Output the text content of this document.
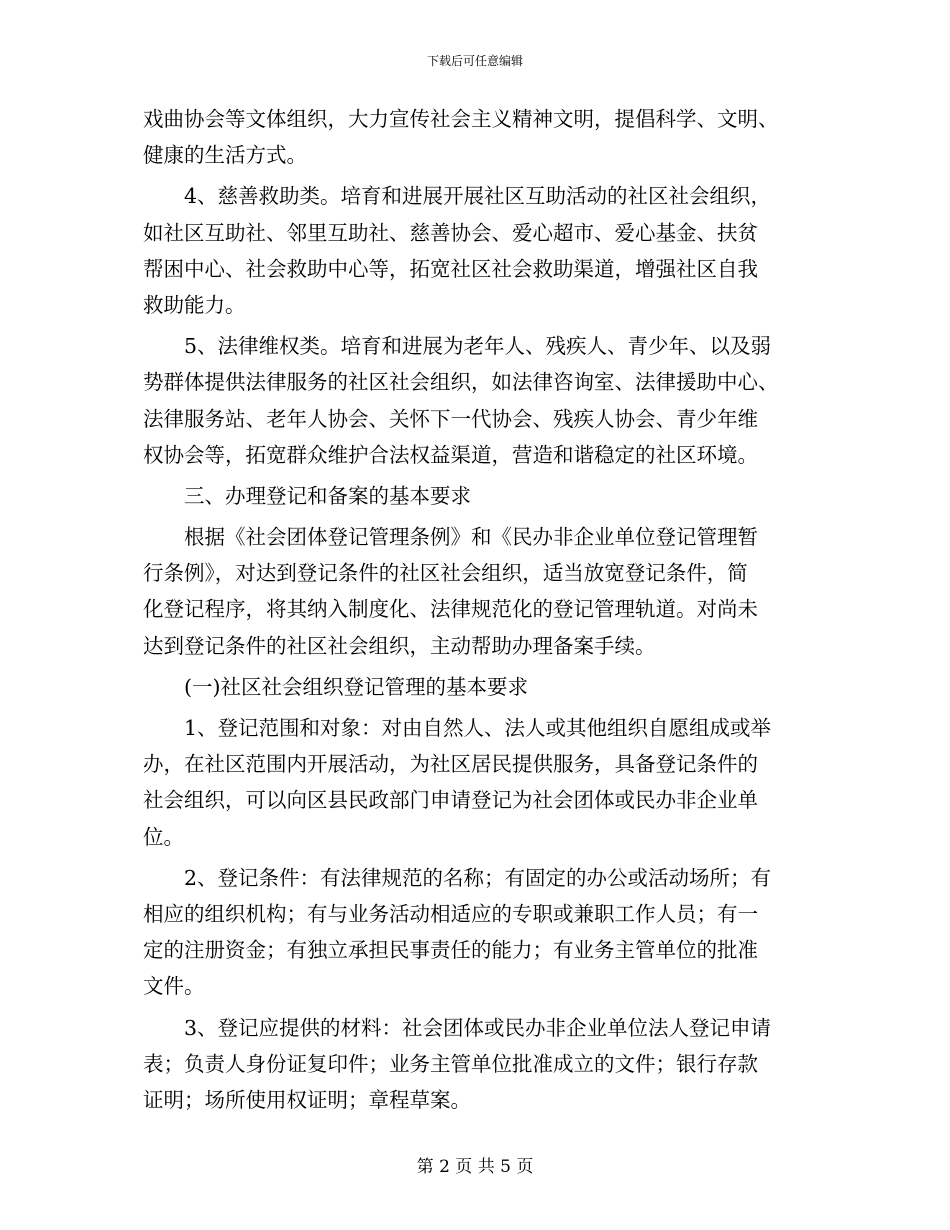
下载后可任意编辑
戏曲协会等文体组织，大力宣传社会主义精神文明，提倡科学、文明、
健康的生活方式。
4、慈善救助类。培育和进展开展社区互助活动的社区社会组织，
如社区互助社、邻里互助社、慈善协会、爱心超市、爱心基金、扶贫
帮困中心、社会救助中心等，拓宽社区社会救助渠道，增强社区自我
救助能力。
5、法律维权类。培育和进展为老年人、残疾人、青少年、以及弱
势群体提供法律服务的社区社会组织，如法律咨询室、法律援助中心、
法律服务站、老年人协会、关怀下一代协会、残疾人协会、青少年维
权协会等，拓宽群众维护合法权益渠道，营造和谐稳定的社区环境。
三、办理登记和备案的基本要求
根据《社会团体登记管理条例》和《民办非企业单位登记管理暂
行条例》，对达到登记条件的社区社会组织，适当放宽登记条件，简
化登记程序，将其纳入制度化、法律规范化的登记管理轨道。对尚未
达到登记条件的社区社会组织，主动帮助办理备案手续。
(一)社区社会组织登记管理的基本要求
1、登记范围和对象：对由自然人、法人或其他组织自愿组成或举
办，在社区范围内开展活动，为社区居民提供服务，具备登记条件的
社会组织，可以向区县民政部门申请登记为社会团体或民办非企业单
位。
2、登记条件：有法律规范的名称；有固定的办公或活动场所；有
相应的组织机构；有与业务活动相适应的专职或兼职工作人员；有一
定的注册资金；有独立承担民事责任的能力；有业务主管单位的批准
文件。
3、登记应提供的材料：社会团体或民办非企业单位法人登记申请
表；负责人身份证复印件；业务主管单位批准成立的文件；银行存款
证明；场所使用权证明；章程草案。
第 2 页 共 5 页
